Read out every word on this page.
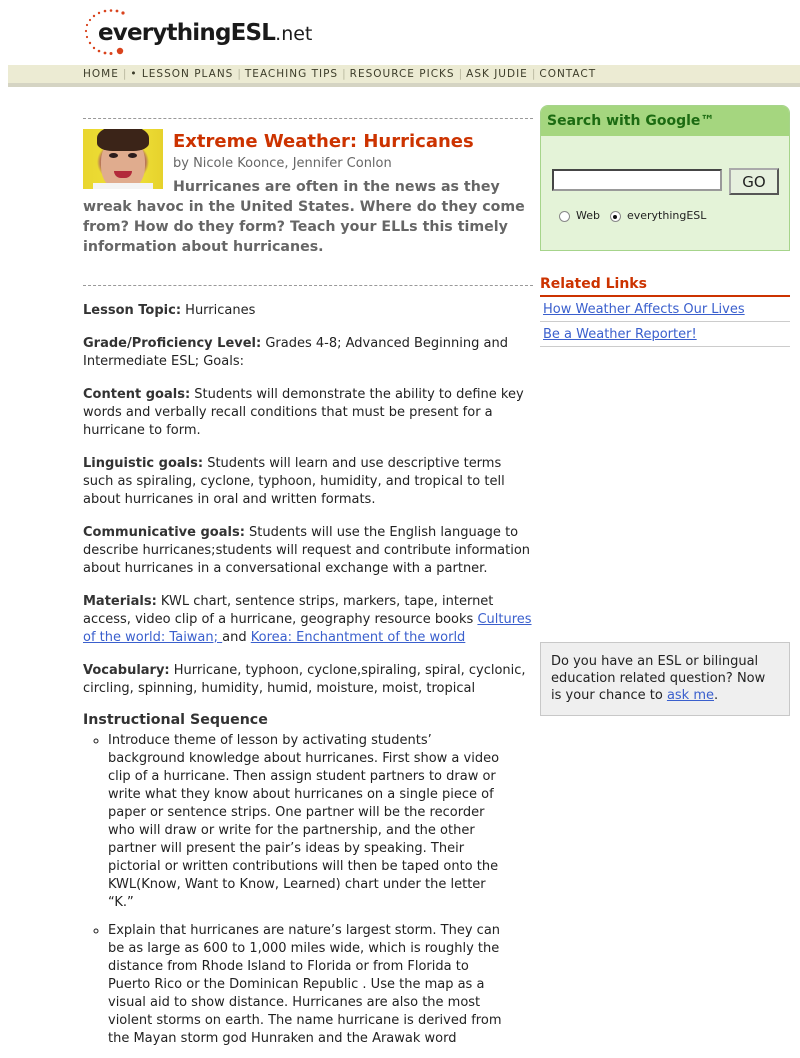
everythingESL.net
HOME | • LESSON PLANS | TEACHING TIPS | RESOURCE PICKS | ASK JUDIE | CONTACT
Extreme Weather: Hurricanes
by Nicole Koonce, Jennifer Conlon

Hurricanes are often in the news as they wreak havoc in the United States. Where do they come from? How do they form? Teach your ELLs this timely information about hurricanes.

Lesson Topic: Hurricanes

Grade/Proficiency Level: Grades 4-8; Advanced Beginning and Intermediate ESL; Goals:

Content goals: Students will demonstrate the ability to define key words and verbally recall conditions that must be present for a hurricane to form.

Linguistic goals: Students will learn and use descriptive terms such as spiraling, cyclone, typhoon, humidity, and tropical to tell about hurricanes in oral and written formats.

Communicative goals: Students will use the English language to describe hurricanes;students will request and contribute information about hurricanes in a conversational exchange with a partner.

Materials: KWL chart, sentence strips, markers, tape, internet access, video clip of a hurricane, geography resource books Cultures of the world: Taiwan; and Korea: Enchantment of the world

Vocabulary: Hurricane, typhoon, cyclone,spiraling, spiral, cyclonic, circling, spinning, humidity, humid, moisture, moist, tropical

Instructional Sequence
◦ Introduce theme of lesson by activating students’ background knowledge about hurricanes. First show a video clip of a hurricane. Then assign student partners to draw or write what they know about hurricanes on a single piece of paper or sentence strips. One partner will be the recorder who will draw or write for the partnership, and the other partner will present the pair’s ideas by speaking. Their pictorial or written contributions will then be taped onto the KWL(Know, Want to Know, Learned) chart under the letter “K.”
◦ Explain that hurricanes are nature’s largest storm. They can be as large as 600 to 1,000 miles wide, which is roughly the distance from Rhode Island to Florida or from Florida to Puerto Rico or the Dominican Republic . Use the map as a visual aid to show distance. Hurricanes are also the most violent storms on earth. The name hurricane is derived from the Mayan storm god Hunraken and the Arawak word
Search with Google™
GO
Web everythingESL
Related Links
How Weather Affects Our Lives
Be a Weather Reporter!
Do you have an ESL or bilingual education related question? Now is your chance to ask me.
